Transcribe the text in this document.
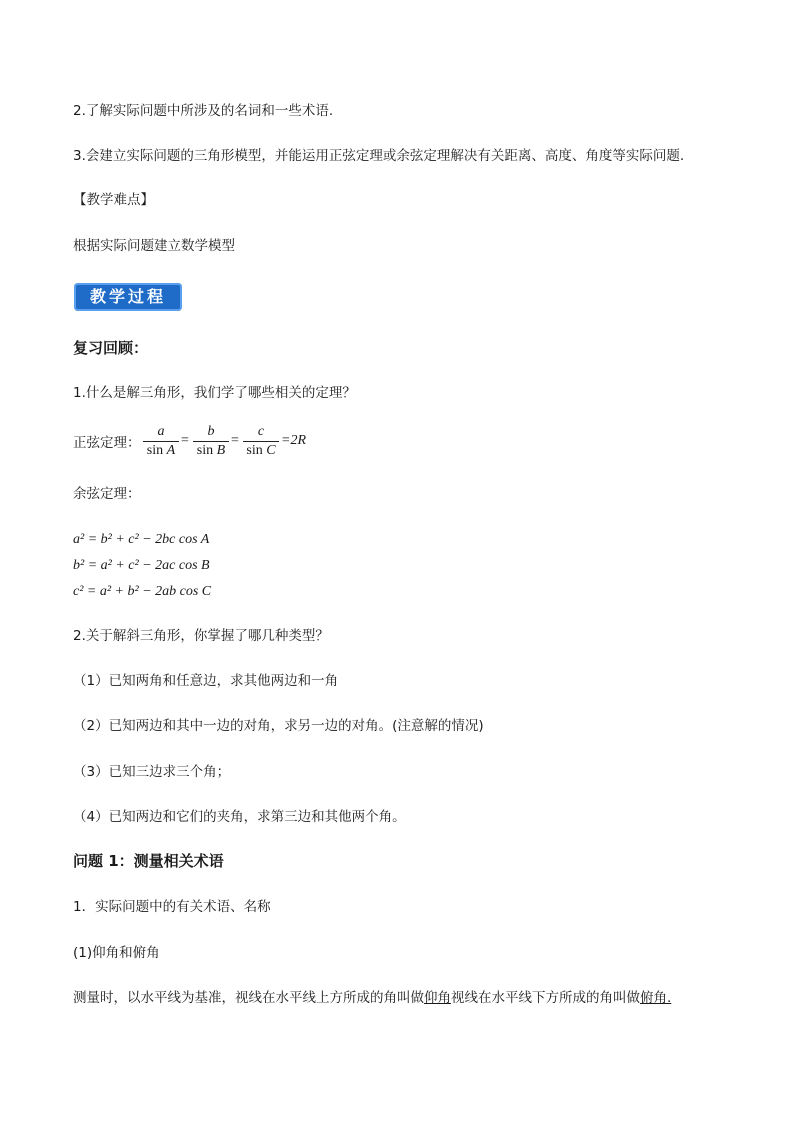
2.了解实际问题中所涉及的名词和一些术语.
3.会建立实际问题的三角形模型，并能运用正弦定理或余弦定理解决有关距离、高度、角度等实际问题.
【教学难点】
根据实际问题建立数学模型
教学过程
复习回顾：
1.什么是解三角形，我们学了哪些相关的定理？
正弦定理：
a
sin A
=
b
sin B
=
c
sin C
=2R
余弦定理：
a² = b² + c² − 2bc cos A
b² = a² + c² − 2ac cos B
c² = a² + b² − 2ab cos C
2.关于解斜三角形，你掌握了哪几种类型？
（1）已知两角和任意边，求其他两边和一角
（2）已知两边和其中一边的对角，求另一边的对角。(注意解的情况)
（3）已知三边求三个角；
（4）已知两边和它们的夹角，求第三边和其他两个角。
问题 1：测量相关术语
1．实际问题中的有关术语、名称
(1)仰角和俯角
测量时，以水平线为基准，视线在水平线上方所成的角叫做仰角视线在水平线下方所成的角叫做俯角.
